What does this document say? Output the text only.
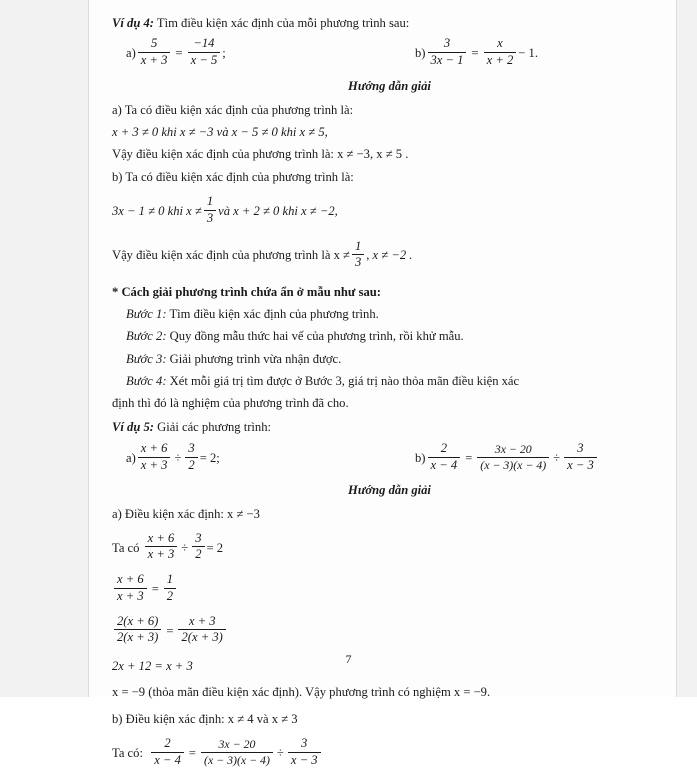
Ví dụ 4: Tìm điều kiện xác định của mỗi phương trình sau:
$a) \frac{5}{x + 3} = \frac{-14}{x - 5}$ ;	$b) \frac{3}{3x - 1} = \frac{x}{x + 2} - 1$.
Hướng dẫn giải
a) Ta có điều kiện xác định của phương trình là:
x + 3 ≠ 0 khi x ≠ −3 và x − 5 ≠ 0 khi x ≠ 5,
Vậy điều kiện xác định của phương trình là: x ≠ −3, x ≠ 5 .
b) Ta có điều kiện xác định của phương trình là:
3x − 1 ≠ 0 khi $x \ne \frac{1}{3}$ và x + 2 ≠ 0 khi x ≠ −2,
Vậy điều kiện xác định của phương trình là $x \ne \frac{1}{3}$ , x ≠ −2 .
* Cách giải phương trình chứa ẩn ở mẫu như sau:
Bước 1: Tìm điều kiện xác định của phương trình.
Bước 2: Quy đồng mẫu thức hai vế của phương trình, rồi khử mẫu.
Bước 3: Giải phương trình vừa nhận được.
Bước 4: Xét mỗi giá trị tìm được ở Bước 3, giá trị nào thỏa mãn điều kiện xác
định thì đó là nghiệm của phương trình đã cho.
Ví dụ 5: Giải các phương trình:
$a) \frac{x + 6}{x + 3} \div \frac{3}{2} = 2$;	$b) \frac{2}{x - 4} = \frac{3x - 20}{(x - 3)(x - 4)} \div \frac{3}{x - 3}$
Hướng dẫn giải
a) Điều kiện xác định: x ≠ −3
Ta có $\frac{x + 6}{x + 3} \div \frac{3}{2} = 2$
$\frac{x + 6}{x + 3} = \frac{1}{2}$
$\frac{2(x + 6)}{2(x + 3)} = \frac{x + 3}{2(x + 3)}$
2x + 12 = x + 3
x = −9 (thỏa mãn điều kiện xác định). Vậy phương trình có nghiệm x = −9.
b) Điều kiện xác định: x ≠ 4 và x ≠ 3
Ta có: $\frac{2}{x - 4} = \frac{3x - 20}{(x - 3)(x - 4)} \div \frac{3}{x - 3}$
7
